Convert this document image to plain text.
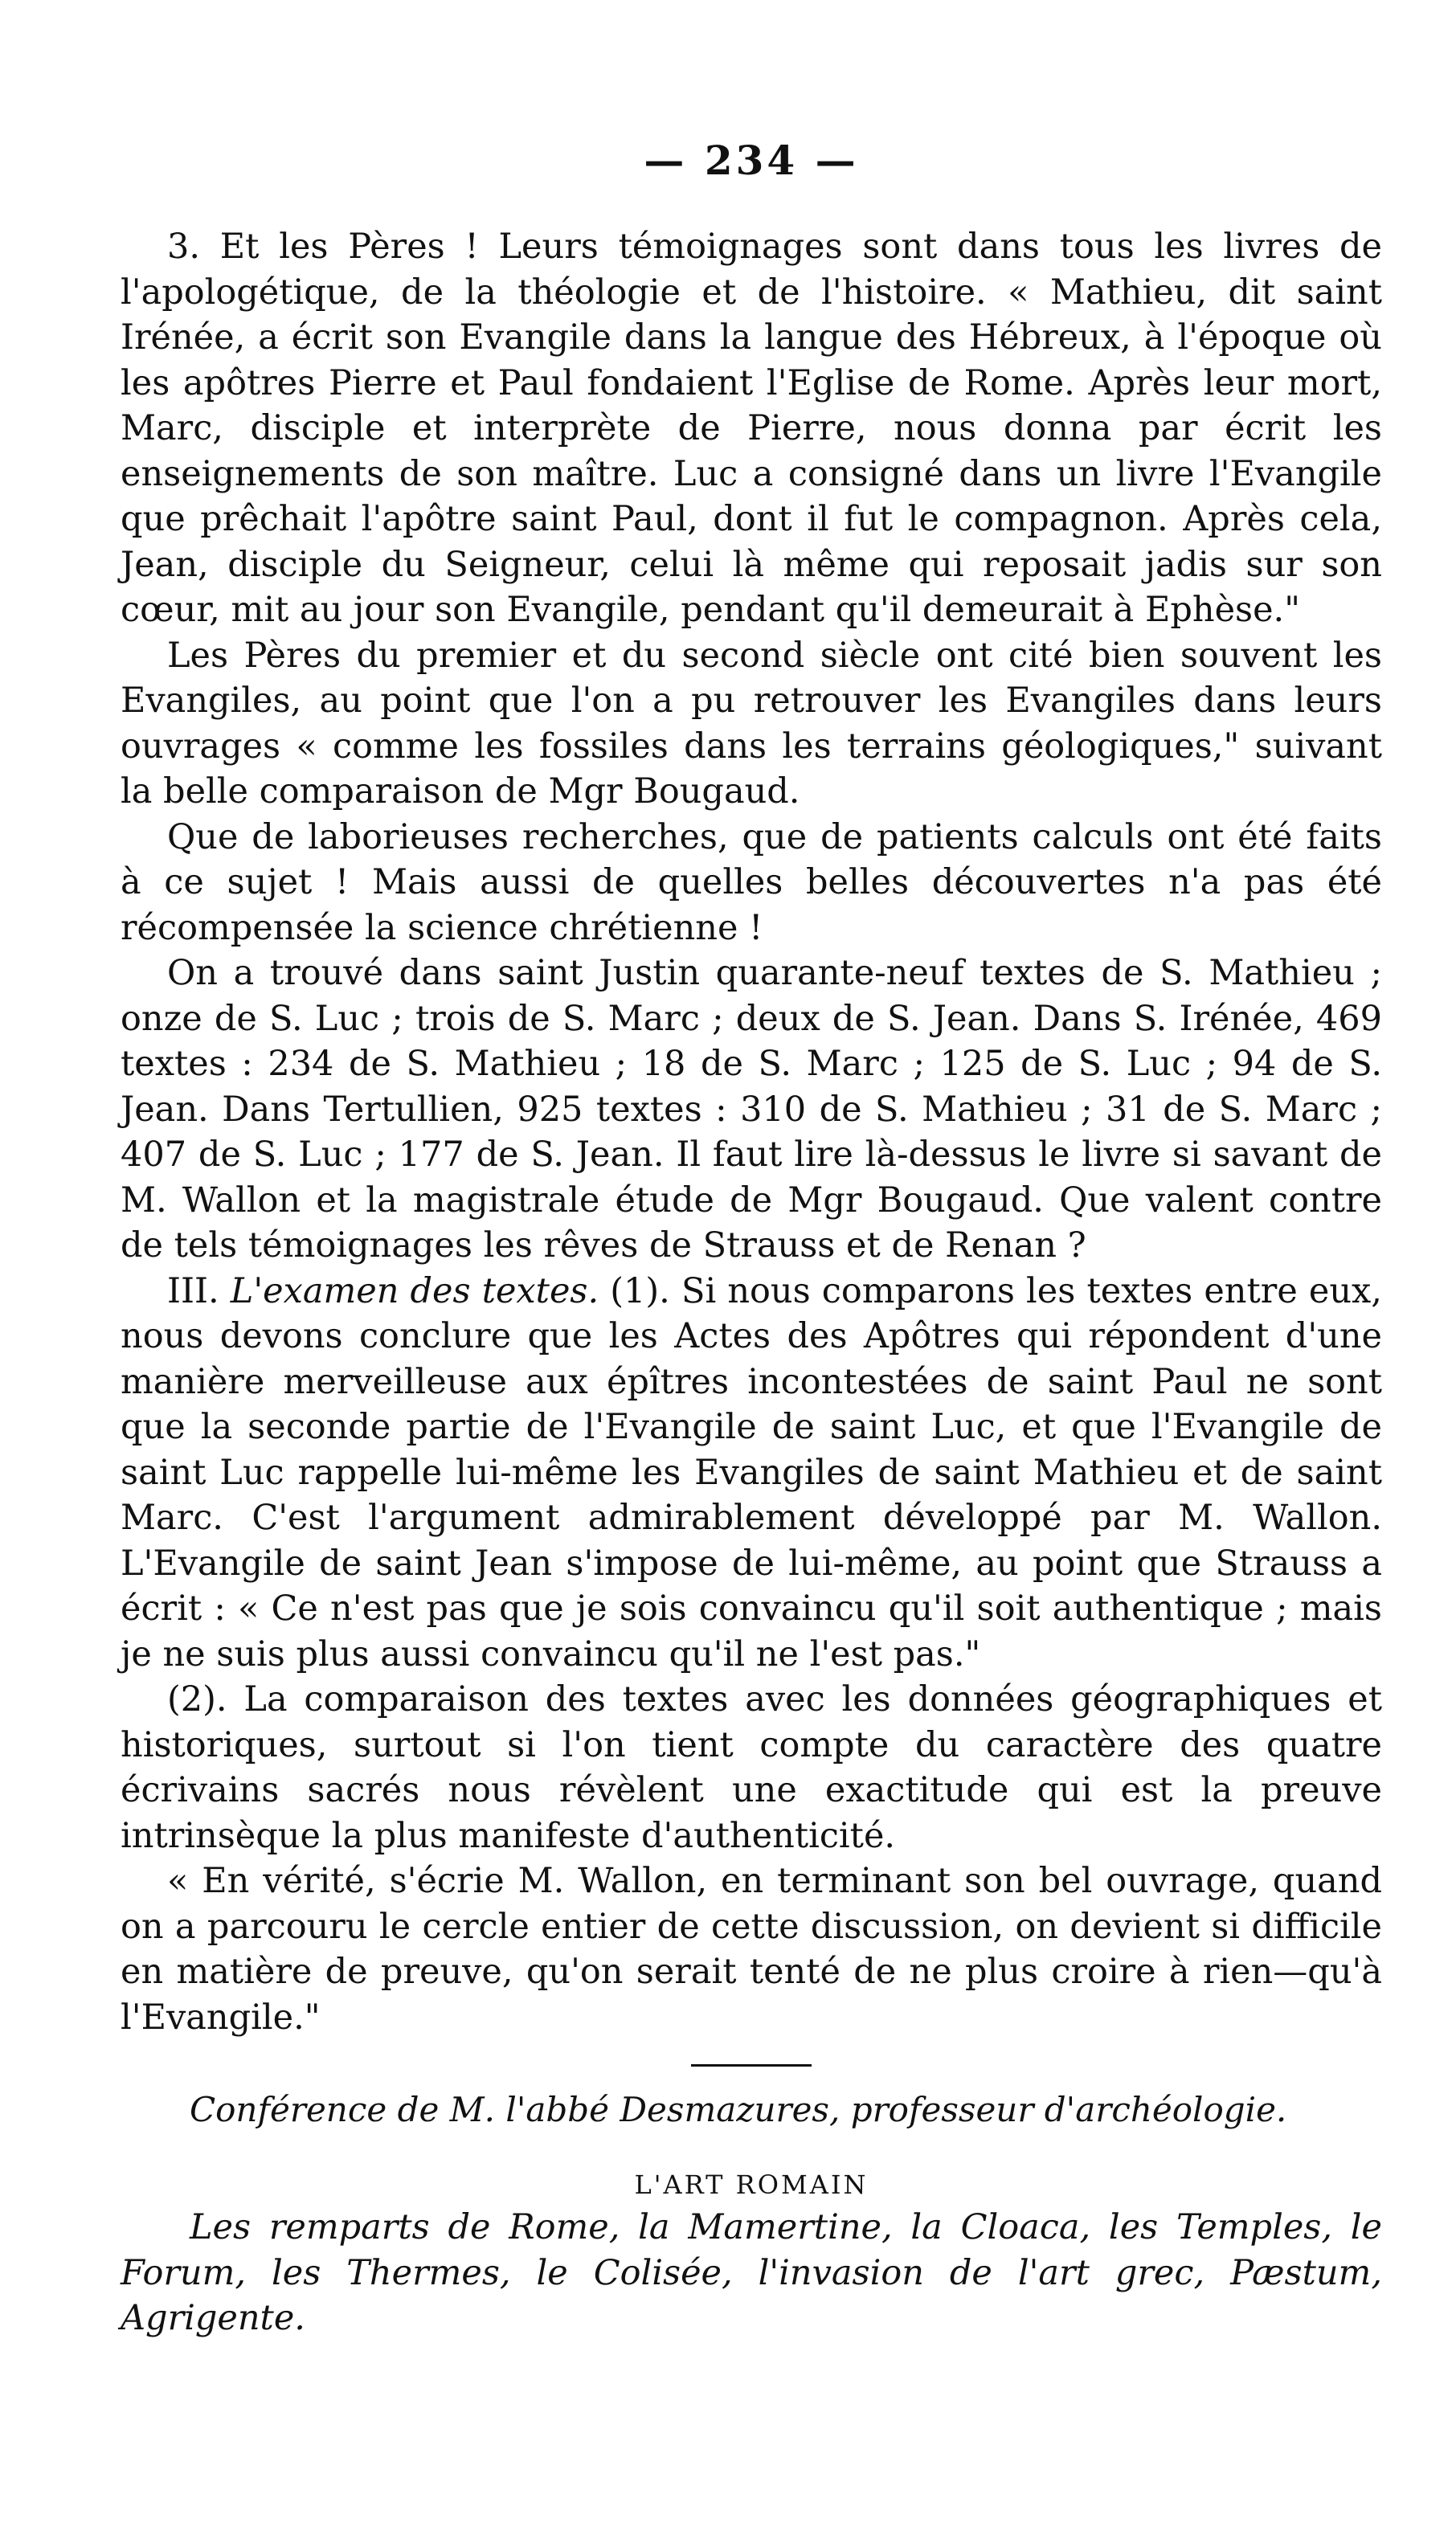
— 234 —

3. Et les Pères ! Leurs témoignages sont dans tous les livres de l'apologétique, de la théologie et de l'histoire. « Mathieu, dit saint Irénée, a écrit son Evangile dans la langue des Hébreux, à l'époque où les apôtres Pierre et Paul fondaient l'Eglise de Rome. Après leur mort, Marc, disciple et interprète de Pierre, nous donna par écrit les enseignements de son maître. Luc a consigné dans un livre l'Evangile que prêchait l'apôtre saint Paul, dont il fut le compagnon. Après cela, Jean, disciple du Seigneur, celui là même qui reposait jadis sur son cœur, mit au jour son Evangile, pendant qu'il demeurait à Ephèse."

Les Pères du premier et du second siècle ont cité bien souvent les Evangiles, au point que l'on a pu retrouver les Evangiles dans leurs ouvrages « comme les fossiles dans les terrains géologiques," suivant la belle comparaison de Mgr Bougaud.

Que de laborieuses recherches, que de patients calculs ont été faits à ce sujet ! Mais aussi de quelles belles découvertes n'a pas été récompensée la science chrétienne !

On a trouvé dans saint Justin quarante-neuf textes de S. Mathieu ; onze de S. Luc ; trois de S. Marc ; deux de S. Jean. Dans S. Irénée, 469 textes : 234 de S. Mathieu ; 18 de S. Marc ; 125 de S. Luc ; 94 de S. Jean. Dans Tertullien, 925 textes : 310 de S. Mathieu ; 31 de S. Marc ; 407 de S. Luc ; 177 de S. Jean. Il faut lire là-dessus le livre si savant de M. Wallon et la magistrale étude de Mgr Bougaud. Que valent contre de tels témoignages les rêves de Strauss et de Renan ?

III. L'examen des textes. (1). Si nous comparons les textes entre eux, nous devons conclure que les Actes des Apôtres qui répondent d'une manière merveilleuse aux épîtres incontestées de saint Paul ne sont que la seconde partie de l'Evangile de saint Luc, et que l'Evangile de saint Luc rappelle lui-même les Evangiles de saint Mathieu et de saint Marc. C'est l'argument admirablement développé par M. Wallon. L'Evangile de saint Jean s'impose de lui-même, au point que Strauss a écrit : « Ce n'est pas que je sois convaincu qu'il soit authentique ; mais je ne suis plus aussi convaincu qu'il ne l'est pas."

(2). La comparaison des textes avec les données géographiques et historiques, surtout si l'on tient compte du caractère des quatre écrivains sacrés nous révèlent une exactitude qui est la preuve intrinsèque la plus manifeste d'authenticité.

« En vérité, s'écrie M. Wallon, en terminant son bel ouvrage, quand on a parcouru le cercle entier de cette discussion, on devient si difficile en matière de preuve, qu'on serait tenté de ne plus croire à rien—qu'à l'Evangile."

Conférence de M. l'abbé Desmazures, professeur d'archéologie.

L'ART ROMAIN

Les remparts de Rome, la Mamertine, la Cloaca, les Temples, le Forum, les Thermes, le Colisée, l'invasion de l'art grec, Pæstum, Agrigente.
